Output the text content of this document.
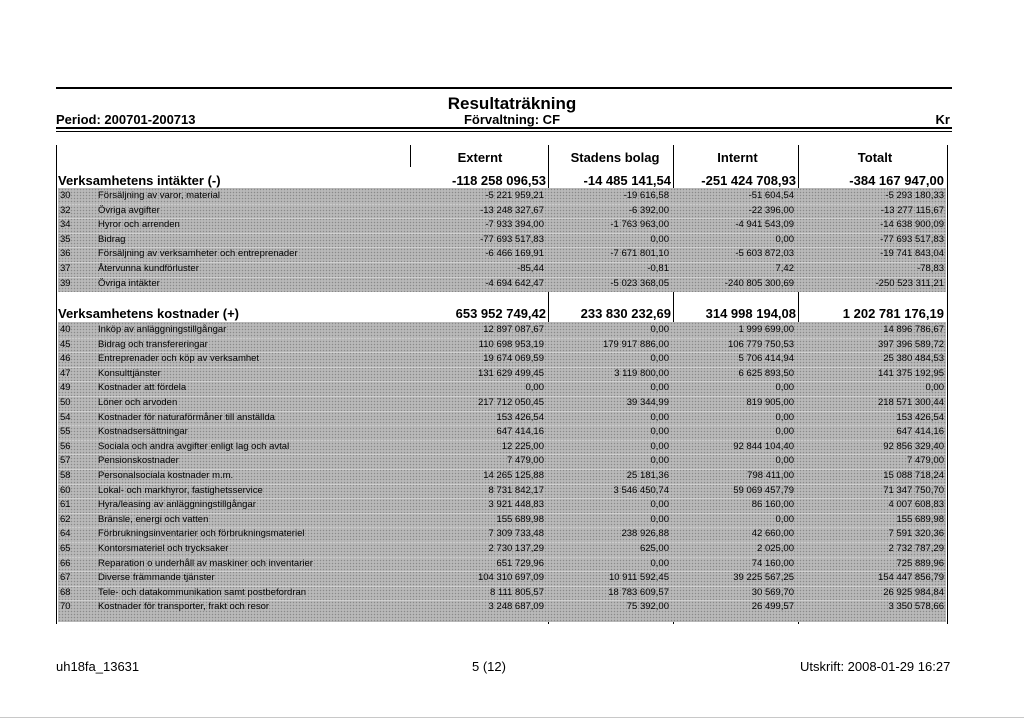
Resultaträkning
Period: 200701-200713	Förvaltning: CF	Kr
Externt	Stadens bolag	Internt	Totalt
Verksamhetens intäkter (-)	-118 258 096,53	-14 485 141,54	-251 424 708,93	-384 167 947,00
30	Försäljning av varor, material	-5 221 959,21	-19 616,58	-51 604,54	-5 293 180,33
32	Övriga avgifter	-13 248 327,67	-6 392,00	-22 396,00	-13 277 115,67
34	Hyror och arrenden	-7 933 394,00	-1 763 963,00	-4 941 543,09	-14 638 900,09
35	Bidrag	-77 693 517,83	0,00	0,00	-77 693 517,83
36	Försäljning av verksamheter och entreprenader	-6 466 169,91	-7 671 801,10	-5 603 872,03	-19 741 843,04
37	Återvunna kundförluster	-85,44	-0,81	7,42	-78,83
39	Övriga intäkter	-4 694 642,47	-5 023 368,05	-240 805 300,69	-250 523 311,21
Verksamhetens kostnader (+)	653 952 749,42	233 830 232,69	314 998 194,08	1 202 781 176,19
40	Inköp av anläggningstillgångar	12 897 087,67	0,00	1 999 699,00	14 896 786,67
45	Bidrag och transfereringar	110 698 953,19	179 917 886,00	106 779 750,53	397 396 589,72
46	Entreprenader och köp av verksamhet	19 674 069,59	0,00	5 706 414,94	25 380 484,53
47	Konsulttjänster	131 629 499,45	3 119 800,00	6 625 893,50	141 375 192,95
49	Kostnader att fördela	0,00	0,00	0,00	0,00
50	Löner och arvoden	217 712 050,45	39 344,99	819 905,00	218 571 300,44
54	Kostnader för naturaförmåner till anställda	153 426,54	0,00	0,00	153 426,54
55	Kostnadsersättningar	647 414,16	0,00	0,00	647 414,16
56	Sociala och andra avgifter enligt lag och avtal	12 225,00	0,00	92 844 104,40	92 856 329,40
57	Pensionskostnader	7 479,00	0,00	0,00	7 479,00
58	Personalsociala kostnader m.m.	14 265 125,88	25 181,36	798 411,00	15 088 718,24
60	Lokal- och markhyror, fastighetsservice	8 731 842,17	3 546 450,74	59 069 457,79	71 347 750,70
61	Hyra/leasing av anläggningstillgångar	3 921 448,83	0,00	86 160,00	4 007 608,83
62	Bränsle, energi och vatten	155 689,98	0,00	0,00	155 689,98
64	Förbrukningsinventarier och förbrukningsmateriel	7 309 733,48	238 926,88	42 660,00	7 591 320,36
65	Kontorsmateriel och trycksaker	2 730 137,29	625,00	2 025,00	2 732 787,29
66	Reparation o underhåll av maskiner och inventarier	651 729,96	0,00	74 160,00	725 889,96
67	Diverse främmande tjänster	104 310 697,09	10 911 592,45	39 225 567,25	154 447 856,79
68	Tele- och datakommunikation samt postbefordran	8 111 805,57	18 783 609,57	30 569,70	26 925 984,84
70	Kostnader för transporter, frakt och resor	3 248 687,09	75 392,00	26 499,57	3 350 578,66
uh18fa_13631	5 (12)	Utskrift: 2008-01-29 16:27
